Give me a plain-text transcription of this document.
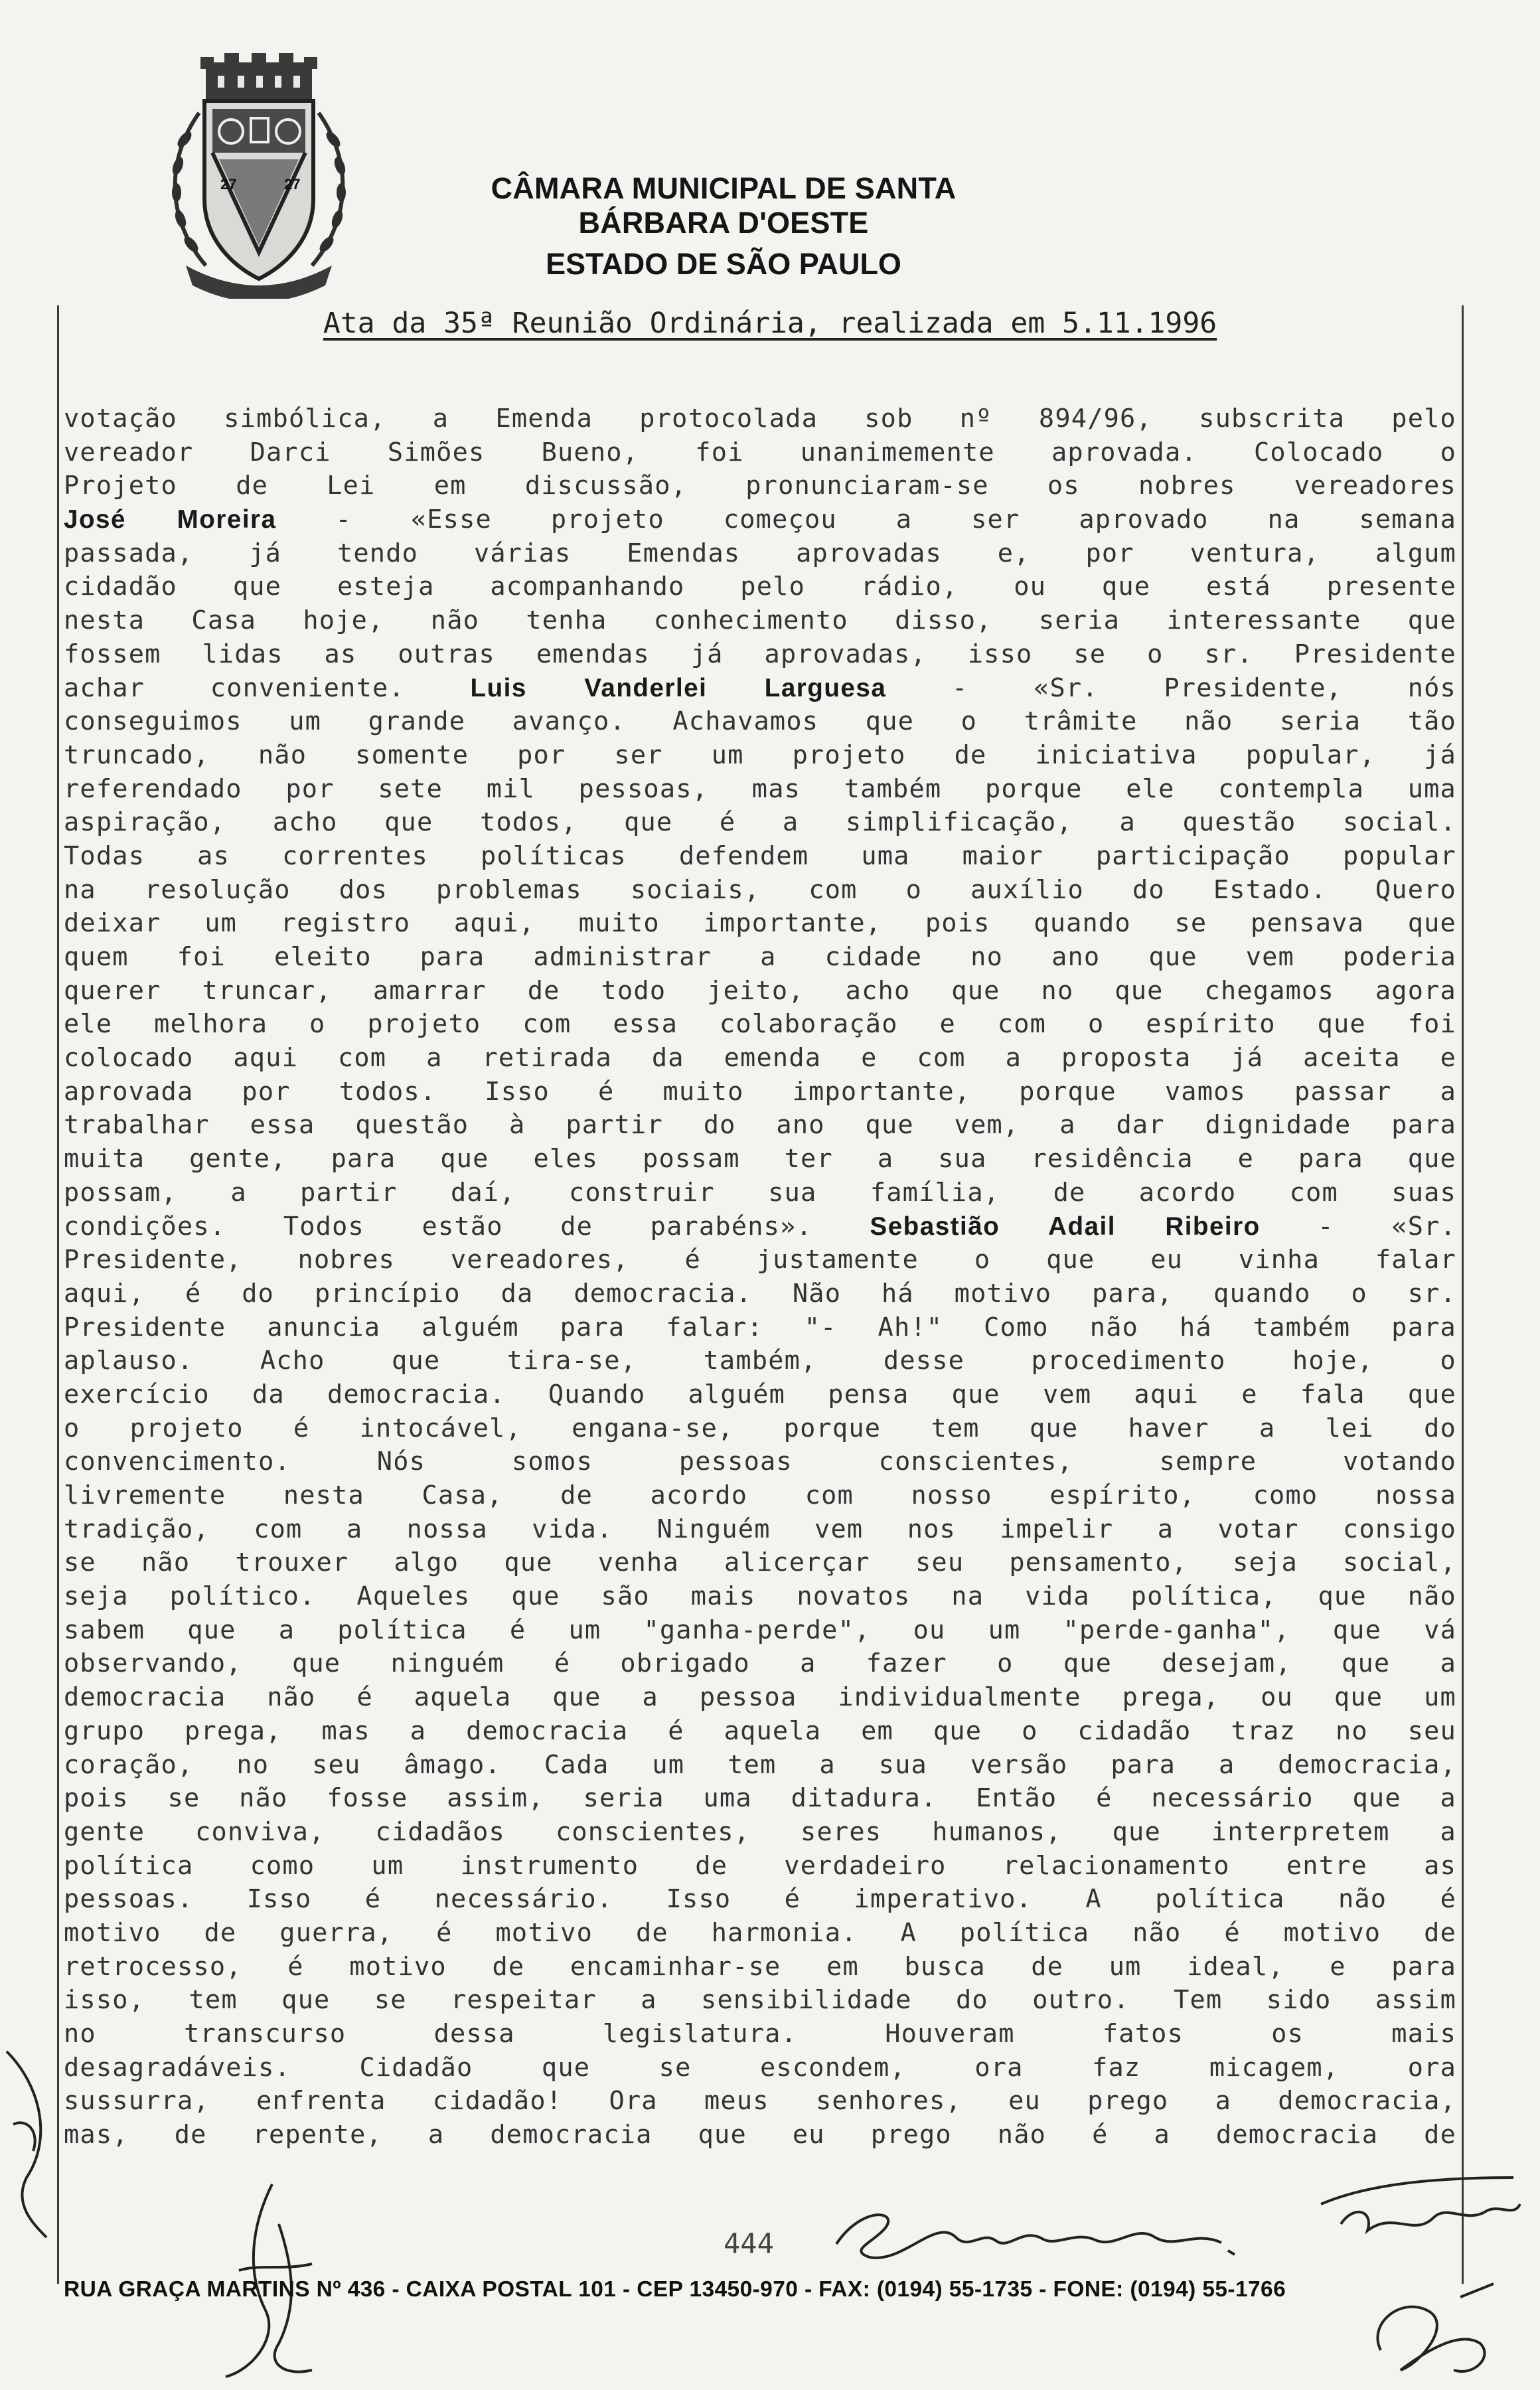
27	27	CÂMARA MUNICIPAL DE SANTA BÁRBARA D'OESTE
ESTADO DE SÃO PAULO
Ata da 35ª Reunião Ordinária, realizada em 5.11.1996
votação simbólica, a Emenda protocolada sob nº 894/96, subscrita pelo
vereador Darci Simões Bueno, foi unanimemente aprovada. Colocado o
Projeto de Lei em discussão, pronunciaram-se os nobres vereadores
José Moreira - «Esse projeto começou a ser aprovado na semana
passada, já tendo várias Emendas aprovadas e, por ventura, algum
cidadão que esteja acompanhando pelo rádio, ou que está presente
nesta Casa hoje, não tenha conhecimento disso, seria interessante que
fossem lidas as outras emendas já aprovadas, isso se o sr. Presidente
achar conveniente. Luis Vanderlei Larguesa - «Sr. Presidente, nós
conseguimos um grande avanço. Achavamos que o trâmite não seria tão
truncado, não somente por ser um projeto de iniciativa popular, já
referendado por sete mil pessoas, mas também porque ele contempla uma
aspiração, acho que todos, que é a simplificação, a questão social.
Todas as correntes políticas defendem uma maior participação popular
na resolução dos problemas sociais, com o auxílio do Estado. Quero
deixar um registro aqui, muito importante, pois quando se pensava que
quem foi eleito para administrar a cidade no ano que vem poderia
querer truncar, amarrar de todo jeito, acho que no que chegamos agora
ele melhora o projeto com essa colaboração e com o espírito que foi
colocado aqui com a retirada da emenda e com a proposta já aceita e
aprovada por todos. Isso é muito importante, porque vamos passar a
trabalhar essa questão à partir do ano que vem, a dar dignidade para
muita gente, para que eles possam ter a sua residência e para que
possam, a partir daí, construir sua família, de acordo com suas
condições. Todos estão de parabéns». Sebastião Adail Ribeiro - «Sr.
Presidente, nobres vereadores, é justamente o que eu vinha falar
aqui, é do princípio da democracia. Não há motivo para, quando o sr.
Presidente anuncia alguém para falar: "- Ah!" Como não há também para
aplauso. Acho que tira-se, também, desse procedimento hoje, o
exercício da democracia. Quando alguém pensa que vem aqui e fala que
o projeto é intocável, engana-se, porque tem que haver a lei do
convencimento. Nós somos pessoas conscientes, sempre votando
livremente nesta Casa, de acordo com nosso espírito, como nossa
tradição, com a nossa vida. Ninguém vem nos impelir a votar consigo
se não trouxer algo que venha alicerçar seu pensamento, seja social,
seja político. Aqueles que são mais novatos na vida política, que não
sabem que a política é um "ganha-perde", ou um "perde-ganha", que vá
observando, que ninguém é obrigado a fazer o que desejam, que a
democracia não é aquela que a pessoa individualmente prega, ou que um
grupo prega, mas a democracia é aquela em que o cidadão traz no seu
coração, no seu âmago. Cada um tem a sua versão para a democracia,
pois se não fosse assim, seria uma ditadura. Então é necessário que a
gente conviva, cidadãos conscientes, seres humanos, que interpretem a
política como um instrumento de verdadeiro relacionamento entre as
pessoas. Isso é necessário. Isso é imperativo. A política não é
motivo de guerra, é motivo de harmonia. A política não é motivo de
retrocesso, é motivo de encaminhar-se em busca de um ideal, e para
isso, tem que se respeitar a sensibilidade do outro. Tem sido assim
no transcurso dessa legislatura. Houveram fatos os mais
desagradáveis. Cidadão que se escondem, ora faz micagem, ora
sussurra, enfrenta cidadão! Ora meus senhores, eu prego a democracia,
mas, de repente, a democracia que eu prego não é a democracia de
444
RUA GRAÇA MARTINS Nº 436 - CAIXA POSTAL 101 - CEP 13450-970 - FAX: (0194) 55-1735 - FONE: (0194) 55-1766
